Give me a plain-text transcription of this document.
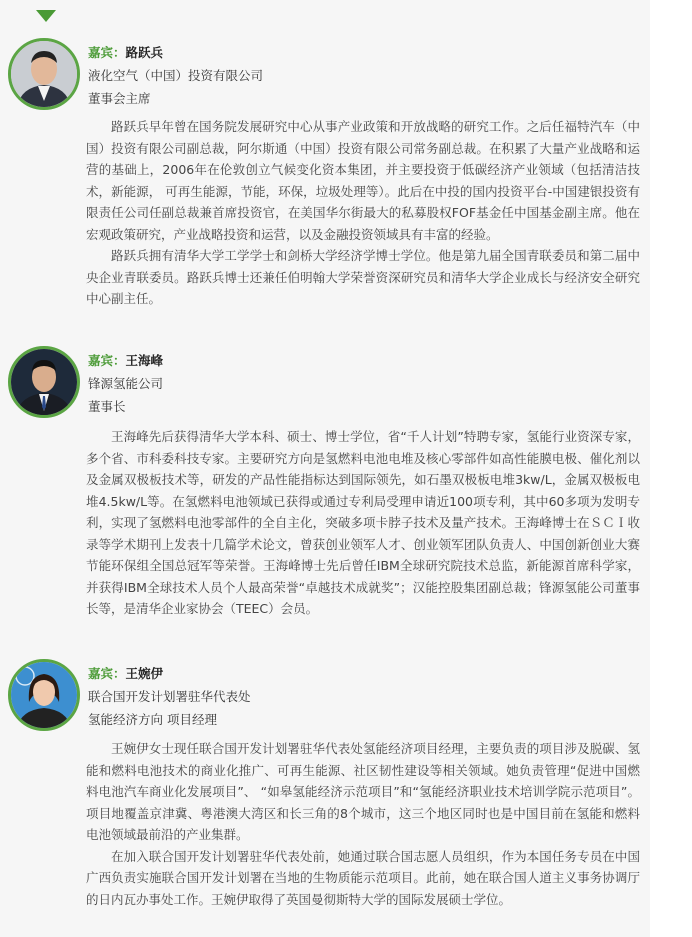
嘉宾：路跃兵
液化空气（中国）投资有限公司
董事会主席

路跃兵早年曾在国务院发展研究中心从事产业政策和开放战略的研究工作。之后任福特汽车（中国）投资有限公司副总裁，阿尔斯通（中国）投资有限公司常务副总裁。在积累了大量产业战略和运营的基础上，2006年在伦敦创立气候变化资本集团，并主要投资于低碳经济产业领域（包括清洁技术，新能源， 可再生能源，节能，环保，垃圾处理等）。此后在中投的国内投资平台-中国建银投资有限责任公司任副总裁兼首席投资官，在美国华尔街最大的私募股权FOF基金任中国基金副主席。他在宏观政策研究，产业战略投资和运营，以及金融投资领域具有丰富的经验。

路跃兵拥有清华大学工学学士和剑桥大学经济学博士学位。他是第九届全国青联委员和第二届中央企业青联委员。路跃兵博士还兼任伯明翰大学荣誉资深研究员和清华大学企业成长与经济安全研究中心副主任。

嘉宾：王海峰
锋源氢能公司
董事长

王海峰先后获得清华大学本科、硕士、博士学位，省“千人计划”特聘专家，氢能行业资深专家，多个省、市科委科技专家。主要研究方向是氢燃料电池电堆及核心零部件如高性能膜电极、催化剂以及金属双极板技术等，研发的产品性能指标达到国际领先，如石墨双极板电堆3kw/L，金属双极板电堆4.5kw/L等。在氢燃料电池领域已获得或通过专利局受理申请近100项专利，其中60多项为发明专利，实现了氢燃料电池零部件的全自主化，突破多项卡脖子技术及量产技术。王海峰博士在ＳＣＩ收录等学术期刊上发表十几篇学术论文，曾获创业领军人才、创业领军团队负责人、中国创新创业大赛节能环保组全国总冠军等荣誉。王海峰博士先后曾任IBM全球研究院技术总监，新能源首席科学家，并获得IBM全球技术人员个人最高荣誉“卓越技术成就奖”；汉能控股集团副总裁；锋源氢能公司董事长等，是清华企业家协会（TEEC）会员。

嘉宾：王婉伊
联合国开发计划署驻华代表处
氢能经济方向 项目经理

王婉伊女士现任联合国开发计划署驻华代表处氢能经济项目经理，主要负责的项目涉及脱碳、氢能和燃料电池技术的商业化推广、可再生能源、社区韧性建设等相关领域。她负责管理“促进中国燃料电池汽车商业化发展项目”、 “如皋氢能经济示范项目”和“氢能经济职业技术培训学院示范项目”。项目地覆盖京津冀、粤港澳大湾区和长三角的8个城市，这三个地区同时也是中国目前在氢能和燃料电池领域最前沿的产业集群。

在加入联合国开发计划署驻华代表处前，她通过联合国志愿人员组织，作为本国任务专员在中国广西负责实施联合国开发计划署在当地的生物质能示范项目。此前，她在联合国人道主义事务协调厅的日内瓦办事处工作。王婉伊取得了英国曼彻斯特大学的国际发展硕士学位。
